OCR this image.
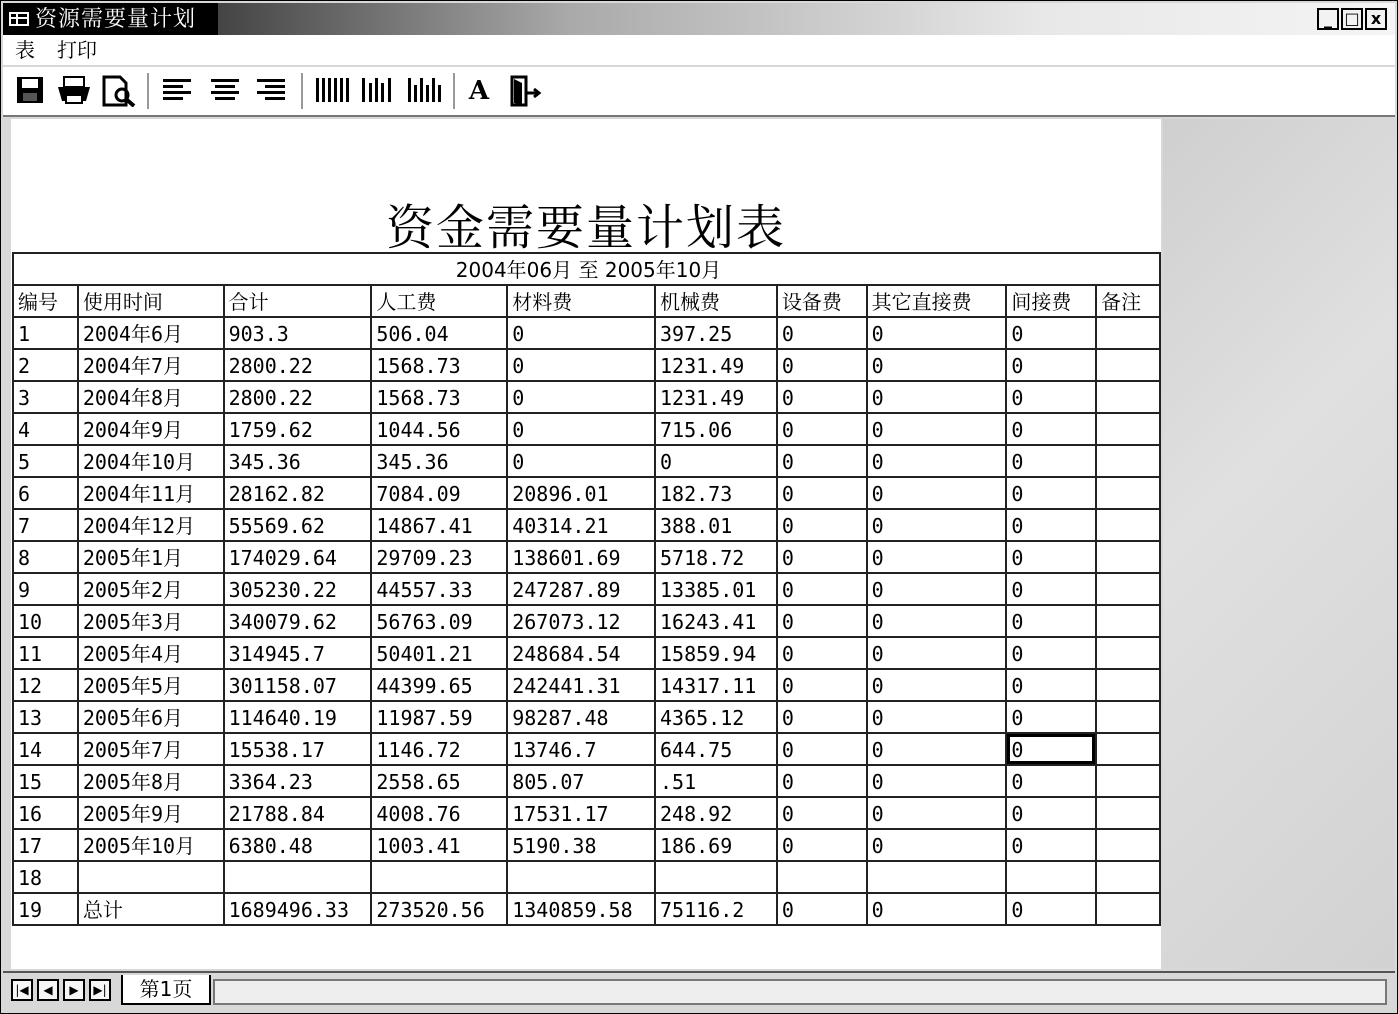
资源需要量计划	_ □ x
表 打印
A
资金需要量计划表
2004年06月 至 2005年10月									
编号	使用时间	合计	人工费	材料费	机械费	设备费	其它直接费	间接费	备注
1	2004年6月	903.3	506.04	0	397.25	0	0	0	
2	2004年7月	2800.22	1568.73	0	1231.49	0	0	0	
3	2004年8月	2800.22	1568.73	0	1231.49	0	0	0	
4	2004年9月	1759.62	1044.56	0	715.06	0	0	0	
5	2004年10月	345.36	345.36	0	0	0	0	0	
6	2004年11月	28162.82	7084.09	20896.01	182.73	0	0	0	
7	2004年12月	55569.62	14867.41	40314.21	388.01	0	0	0	
8	2005年1月	174029.64	29709.23	138601.69	5718.72	0	0	0	
9	2005年2月	305230.22	44557.33	247287.89	13385.01	0	0	0	
10	2005年3月	340079.62	56763.09	267073.12	16243.41	0	0	0	
11	2005年4月	314945.7	50401.21	248684.54	15859.94	0	0	0	
12	2005年5月	301158.07	44399.65	242441.31	14317.11	0	0	0	
13	2005年6月	114640.19	11987.59	98287.48	4365.12	0	0	0	
14	2005年7月	15538.17	1146.72	13746.7	644.75	0	0	0	
15	2005年8月	3364.23	2558.65	805.07	.51	0	0	0	
16	2005年9月	21788.84	4008.76	17531.17	248.92	0	0	0	
17	2005年10月	6380.48	1003.41	5190.38	186.69	0	0	0	
18									
19	总计	1689496.33	273520.56	1340859.58	75116.2	0	0	0	
|◀	◀	▶	▶|	第1页
